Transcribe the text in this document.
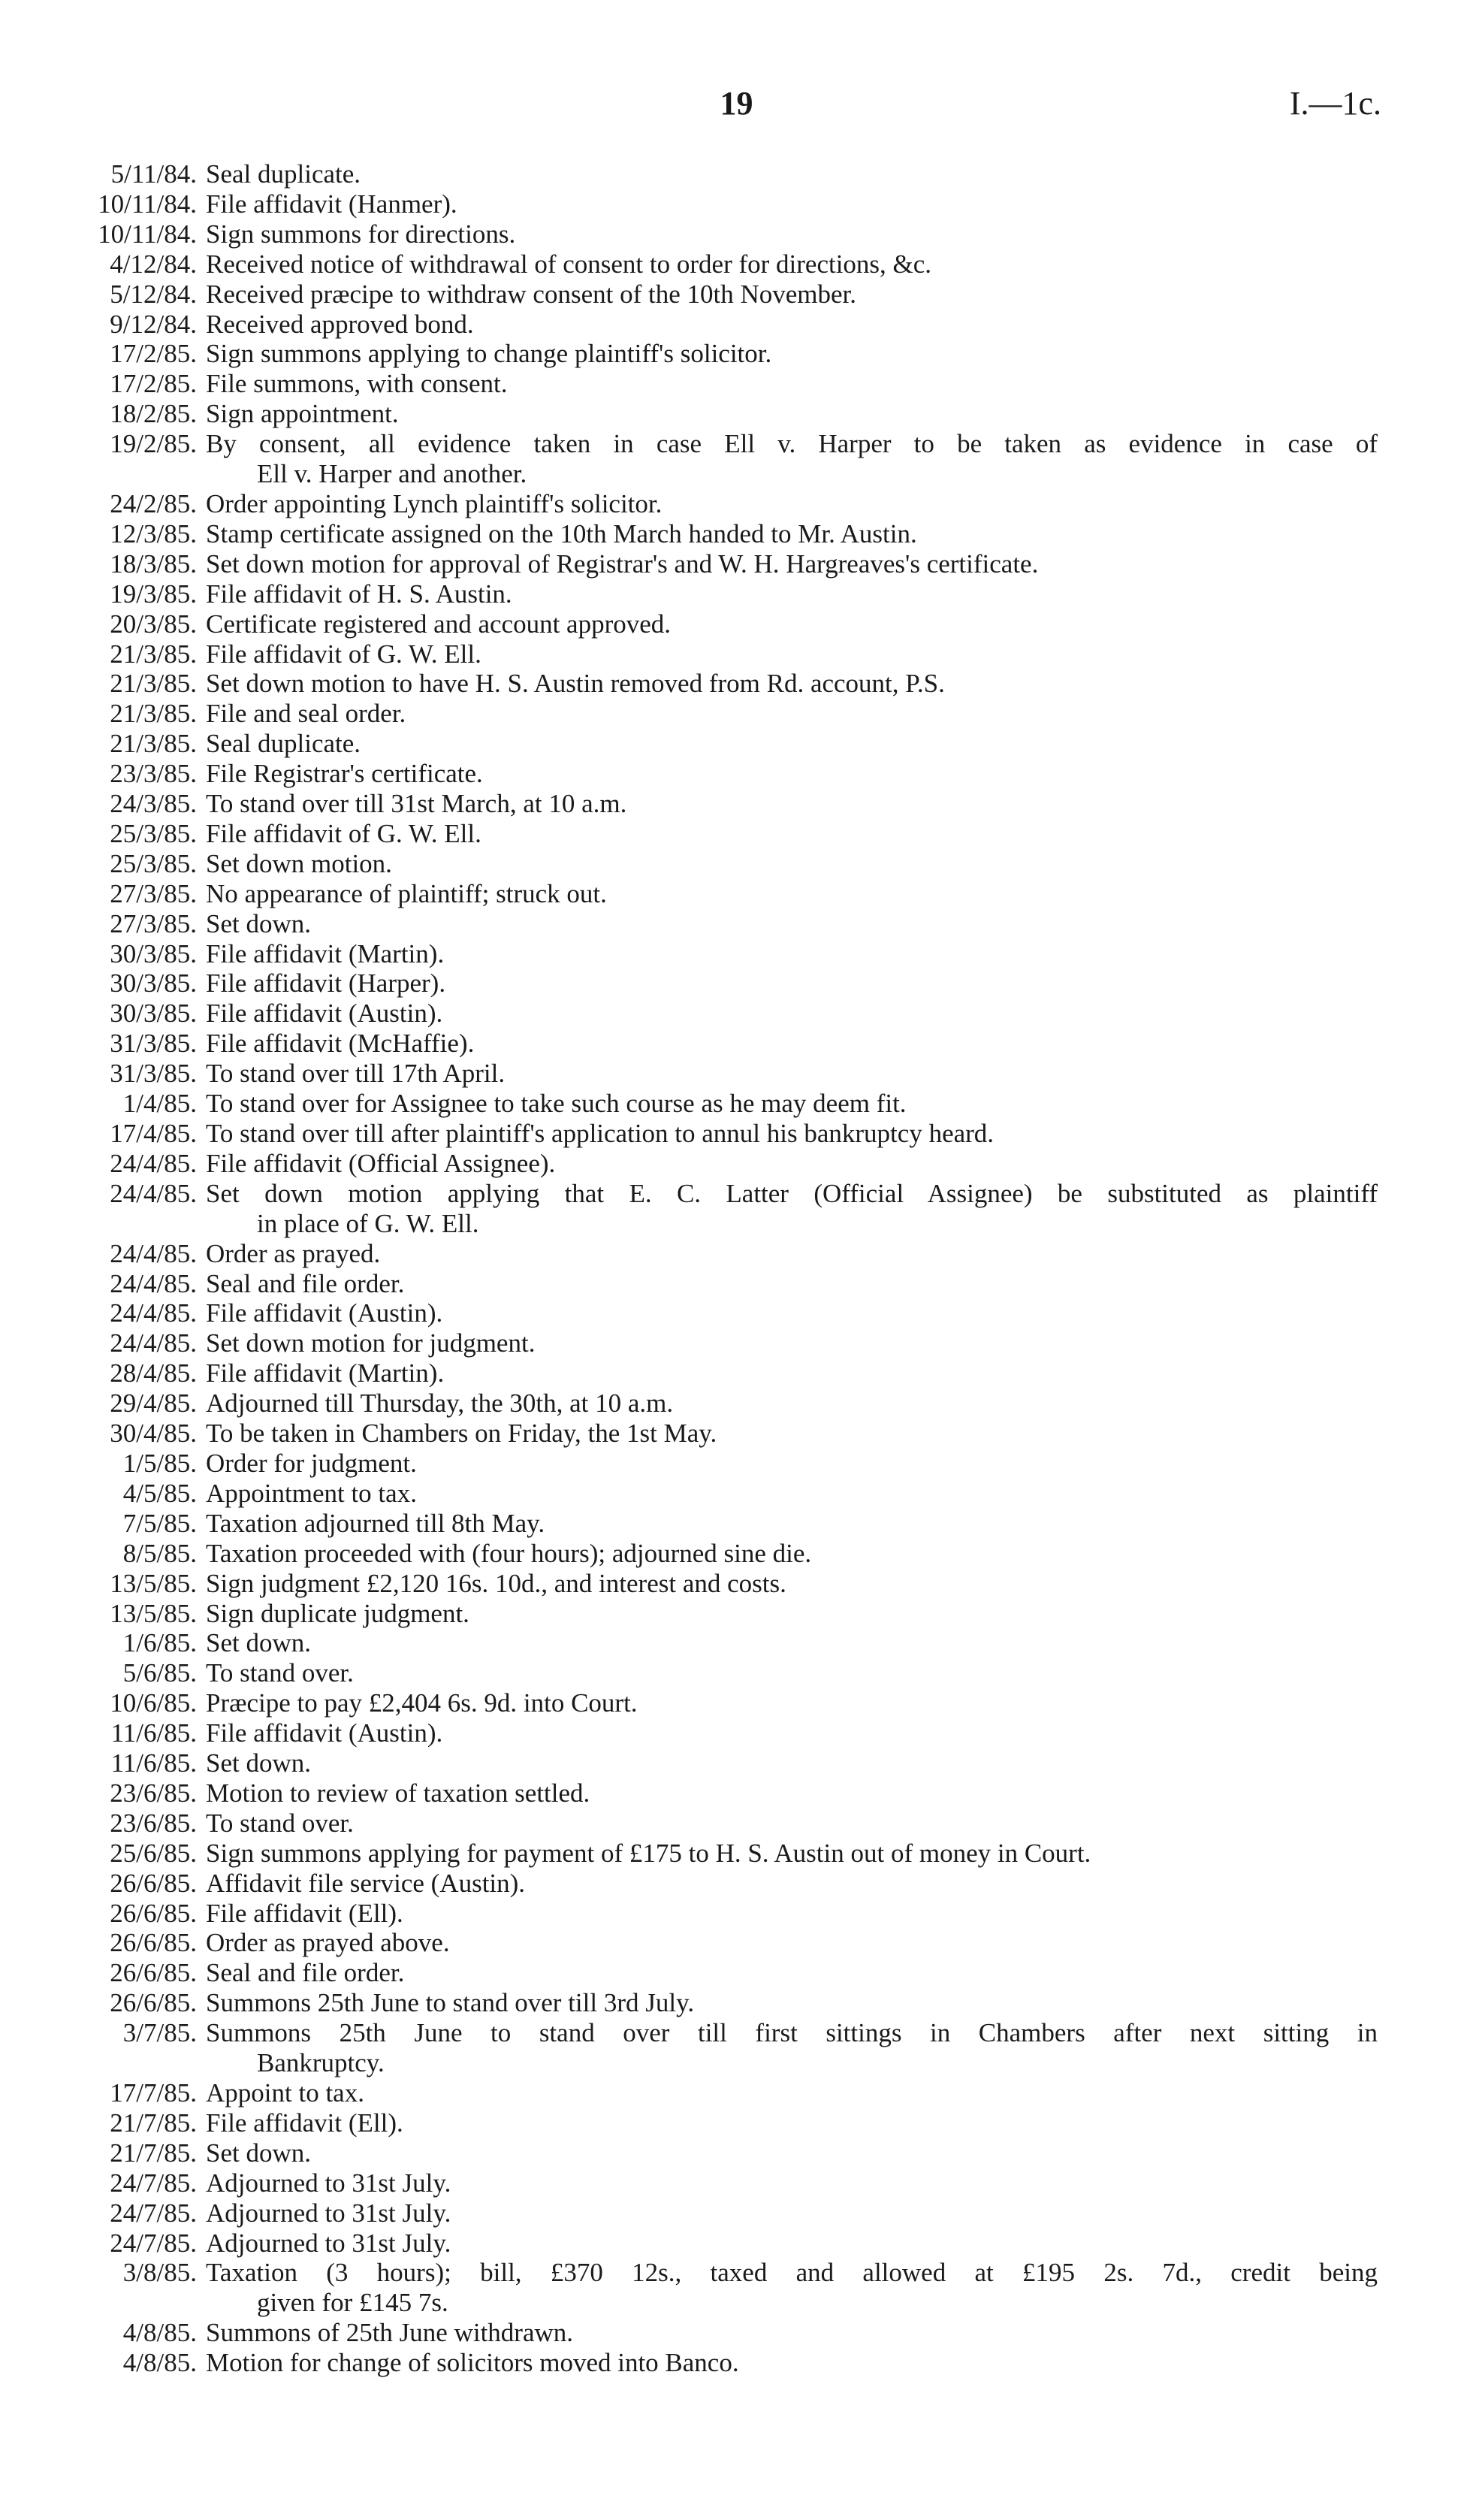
19	I.—1c.
5/11/84. Seal duplicate.
10/11/84. File affidavit (Hanmer).
10/11/84. Sign summons for directions.
4/12/84. Received notice of withdrawal of consent to order for directions, &c.
5/12/84. Received præcipe to withdraw consent of the 10th November.
9/12/84. Received approved bond.
17/2/85. Sign summons applying to change plaintiff's solicitor.
17/2/85. File summons, with consent.
18/2/85. Sign appointment.
19/2/85. By consent, all evidence taken in case Ell v. Harper to be taken as evidence in case of
Ell v. Harper and another.
24/2/85. Order appointing Lynch plaintiff's solicitor.
12/3/85. Stamp certificate assigned on the 10th March handed to Mr. Austin.
18/3/85. Set down motion for approval of Registrar's and W. H. Hargreaves's certificate.
19/3/85. File affidavit of H. S. Austin.
20/3/85. Certificate registered and account approved.
21/3/85. File affidavit of G. W. Ell.
21/3/85. Set down motion to have H. S. Austin removed from Rd. account, P.S.
21/3/85. File and seal order.
21/3/85. Seal duplicate.
23/3/85. File Registrar's certificate.
24/3/85. To stand over till 31st March, at 10 a.m.
25/3/85. File affidavit of G. W. Ell.
25/3/85. Set down motion.
27/3/85. No appearance of plaintiff; struck out.
27/3/85. Set down.
30/3/85. File affidavit (Martin).
30/3/85. File affidavit (Harper).
30/3/85. File affidavit (Austin).
31/3/85. File affidavit (McHaffie).
31/3/85. To stand over till 17th April.
1/4/85. To stand over for Assignee to take such course as he may deem fit.
17/4/85. To stand over till after plaintiff's application to annul his bankruptcy heard.
24/4/85. File affidavit (Official Assignee).
24/4/85. Set down motion applying that E. C. Latter (Official Assignee) be substituted as plaintiff
in place of G. W. Ell.
24/4/85. Order as prayed.
24/4/85. Seal and file order.
24/4/85. File affidavit (Austin).
24/4/85. Set down motion for judgment.
28/4/85. File affidavit (Martin).
29/4/85. Adjourned till Thursday, the 30th, at 10 a.m.
30/4/85. To be taken in Chambers on Friday, the 1st May.
1/5/85. Order for judgment.
4/5/85. Appointment to tax.
7/5/85. Taxation adjourned till 8th May.
8/5/85. Taxation proceeded with (four hours); adjourned sine die.
13/5/85. Sign judgment £2,120 16s. 10d., and interest and costs.
13/5/85. Sign duplicate judgment.
1/6/85. Set down.
5/6/85. To stand over.
10/6/85. Præcipe to pay £2,404 6s. 9d. into Court.
11/6/85. File affidavit (Austin).
11/6/85. Set down.
23/6/85. Motion to review of taxation settled.
23/6/85. To stand over.
25/6/85. Sign summons applying for payment of £175 to H. S. Austin out of money in Court.
26/6/85. Affidavit file service (Austin).
26/6/85. File affidavit (Ell).
26/6/85. Order as prayed above.
26/6/85. Seal and file order.
26/6/85. Summons 25th June to stand over till 3rd July.
3/7/85. Summons 25th June to stand over till first sittings in Chambers after next sitting in
Bankruptcy.
17/7/85. Appoint to tax.
21/7/85. File affidavit (Ell).
21/7/85. Set down.
24/7/85. Adjourned to 31st July.
24/7/85. Adjourned to 31st July.
24/7/85. Adjourned to 31st July.
3/8/85. Taxation (3 hours); bill, £370 12s., taxed and allowed at £195 2s. 7d., credit being
given for £145 7s.
4/8/85. Summons of 25th June withdrawn.
4/8/85. Motion for change of solicitors moved into Banco.
